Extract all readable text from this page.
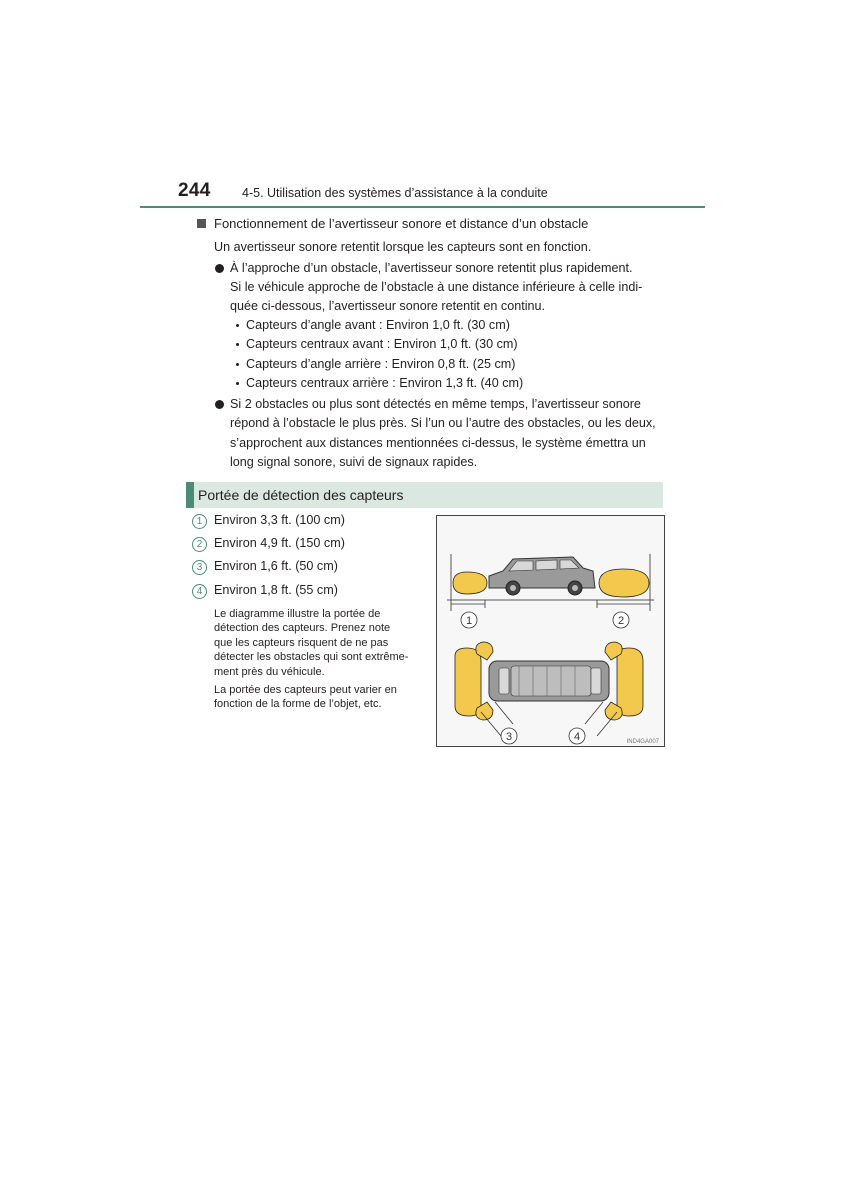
244	4-5. Utilisation des systèmes d’assistance à la conduite
Fonctionnement de l’avertisseur sonore et distance d’un obstacle
Un avertisseur sonore retentit lorsque les capteurs sont en fonction.
À l’approche d’un obstacle, l’avertisseur sonore retentit plus rapidement.
Si le véhicule approche de l’obstacle à une distance inférieure à celle indi-
quée ci-dessous, l’avertisseur sonore retentit en continu.
Capteurs d’angle avant : Environ 1,0 ft. (30 cm)
Capteurs centraux avant : Environ 1,0 ft. (30 cm)
Capteurs d’angle arrière : Environ 0,8 ft. (25 cm)
Capteurs centraux arrière : Environ 1,3 ft. (40 cm)
Si 2 obstacles ou plus sont détectés en même temps, l’avertisseur sonore
répond à l’obstacle le plus près. Si l’un ou l’autre des obstacles, ou les deux,
s’approchent aux distances mentionnées ci-dessus, le système émettra un
long signal sonore, suivi de signaux rapides.
Portée de détection des capteurs
1 Environ 3,3 ft. (100 cm)
2 Environ 4,9 ft. (150 cm)
3 Environ 1,6 ft. (50 cm)
4 Environ 1,8 ft. (55 cm)
Le diagramme illustre la portée de
détection des capteurs. Prenez note
que les capteurs risquent de ne pas
détecter les obstacles qui sont extrême-
ment près du véhicule.
La portée des capteurs peut varier en
fonction de la forme de l’objet, etc.
1	2
3	4	IND4GA007
